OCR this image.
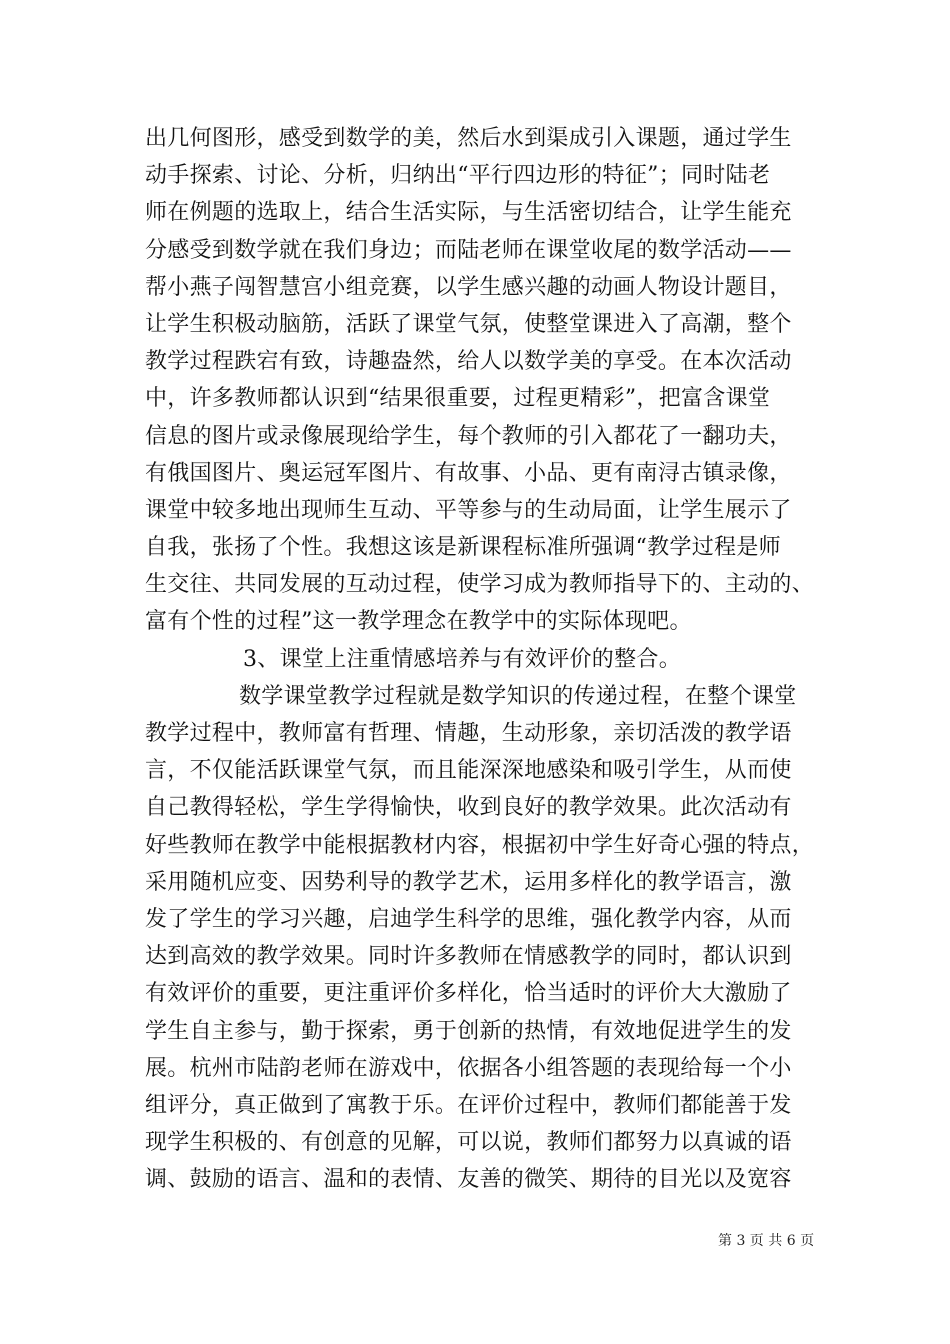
出几何图形，感受到数学的美，然后水到渠成引入课题，通过学生
动手探索、讨论、分析，归纳出“平行四边形的特征”；同时陆老
师在例题的选取上，结合生活实际，与生活密切结合，让学生能充
分感受到数学就在我们身边；而陆老师在课堂收尾的数学活动——
帮小燕子闯智慧宫小组竞赛，以学生感兴趣的动画人物设计题目，
让学生积极动脑筋，活跃了课堂气氛，使整堂课进入了高潮，整个
教学过程跌宕有致，诗趣盎然，给人以数学美的享受。在本次活动
中，许多教师都认识到“结果很重要，过程更精彩”，把富含课堂
信息的图片或录像展现给学生，每个教师的引入都花了一翻功夫，
有俄国图片、奥运冠军图片、有故事、小品、更有南浔古镇录像，
课堂中较多地出现师生互动、平等参与的生动局面，让学生展示了
自我，张扬了个性。我想这该是新课程标准所强调“教学过程是师
生交往、共同发展的互动过程，使学习成为教师指导下的、主动的、
富有个性的过程”这一教学理念在教学中的实际体现吧。
3、课堂上注重情感培养与有效评价的整合。
数学课堂教学过程就是数学知识的传递过程，在整个课堂
教学过程中，教师富有哲理、情趣，生动形象，亲切活泼的教学语
言，不仅能活跃课堂气氛，而且能深深地感染和吸引学生，从而使
自己教得轻松，学生学得愉快，收到良好的教学效果。此次活动有
好些教师在教学中能根据教材内容，根据初中学生好奇心强的特点，
采用随机应变、因势利导的教学艺术，运用多样化的教学语言，激
发了学生的学习兴趣，启迪学生科学的思维，强化教学内容，从而
达到高效的教学效果。同时许多教师在情感教学的同时，都认识到
有效评价的重要，更注重评价多样化，恰当适时的评价大大激励了
学生自主参与，勤于探索，勇于创新的热情，有效地促进学生的发
展。杭州市陆韵老师在游戏中，依据各小组答题的表现给每一个小
组评分，真正做到了寓教于乐。在评价过程中，教师们都能善于发
现学生积极的、有创意的见解，可以说，教师们都努力以真诚的语
调、鼓励的语言、温和的表情、友善的微笑、期待的目光以及宽容
第 3 页 共 6 页
